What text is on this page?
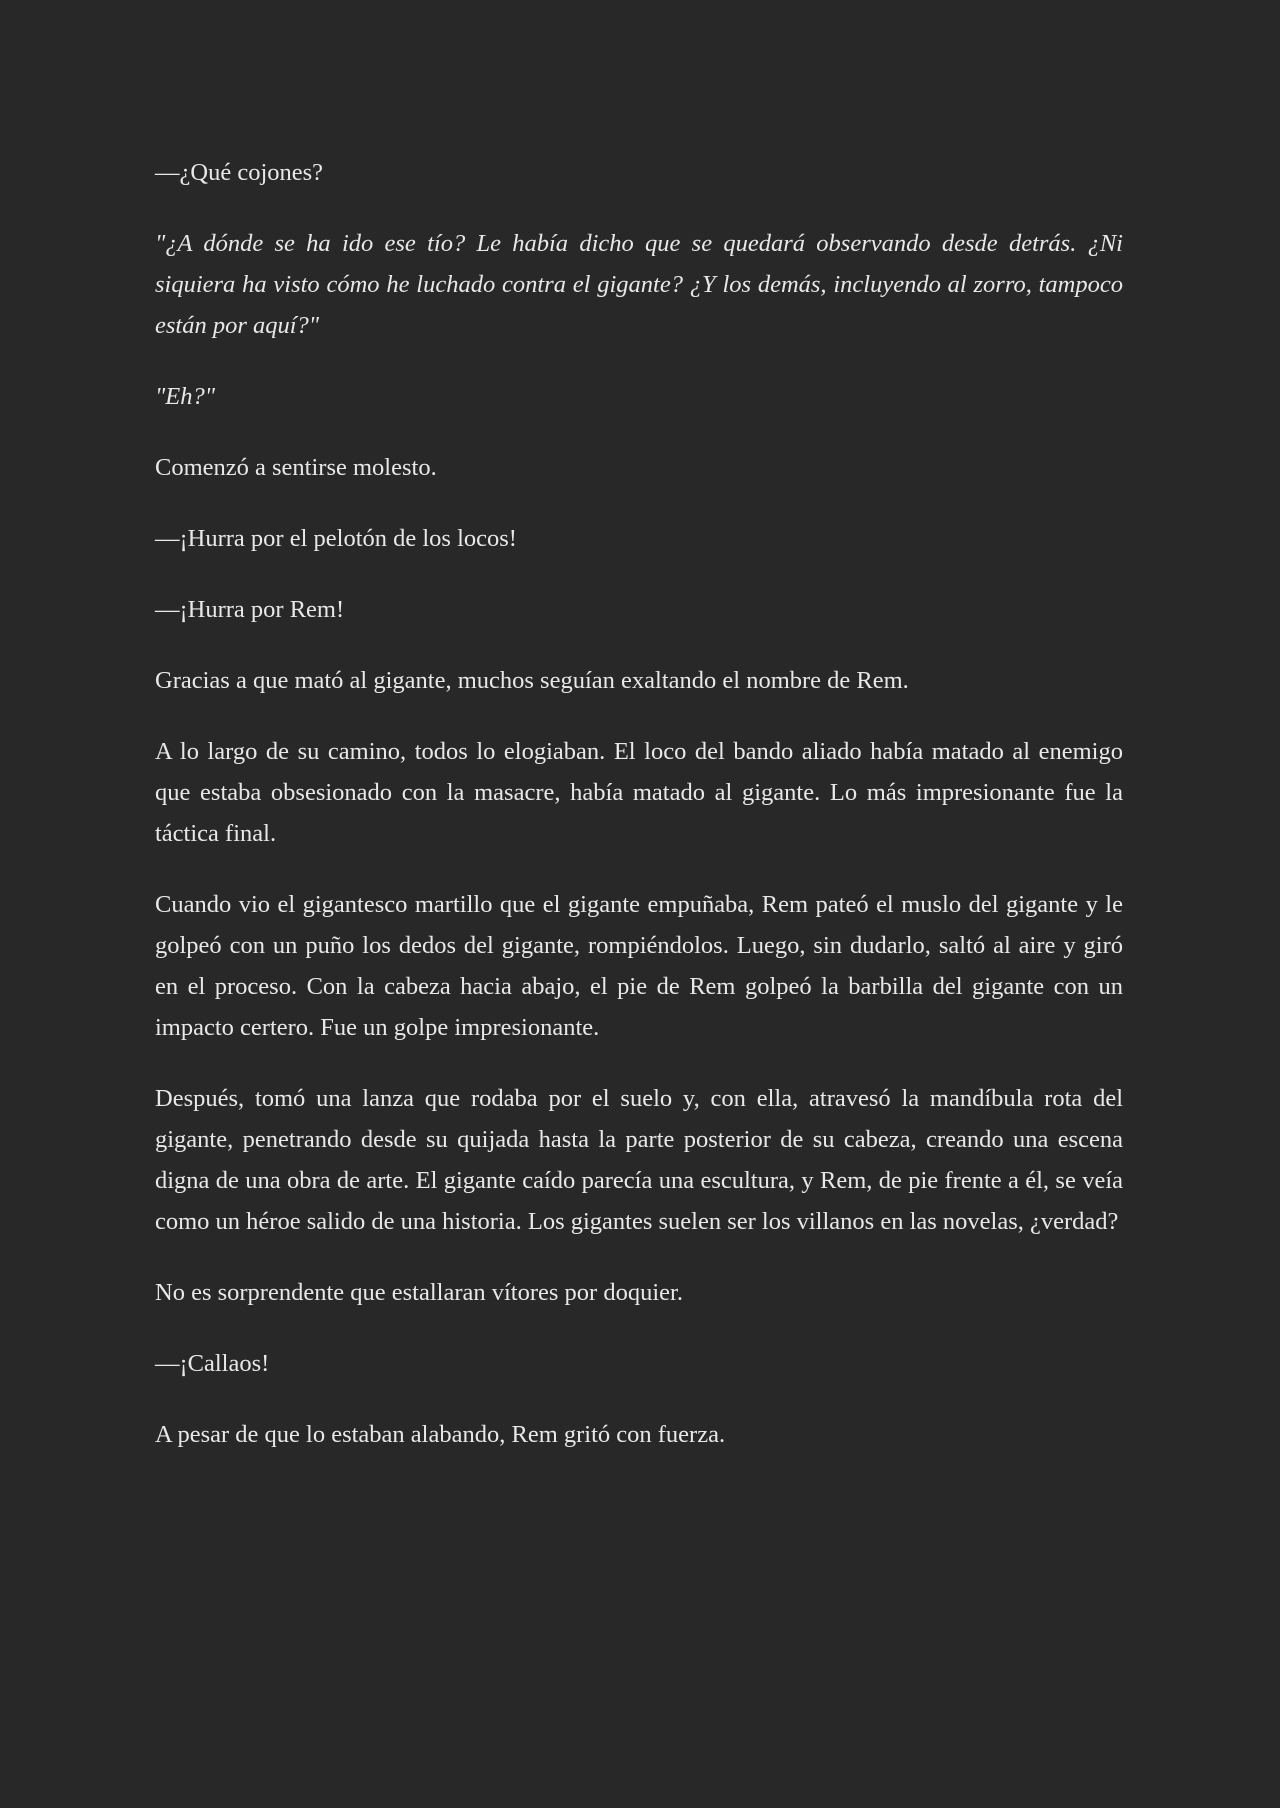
—¿Qué cojones?

"¿A dónde se ha ido ese tío? Le había dicho que se quedará observando desde detrás. ¿Ni siquiera ha visto cómo he luchado contra el gigante? ¿Y los demás, incluyendo al zorro, tampoco están por aquí?"

"Eh?"

Comenzó a sentirse molesto.

—¡Hurra por el pelotón de los locos!

—¡Hurra por Rem!

Gracias a que mató al gigante, muchos seguían exaltando el nombre de Rem.

A lo largo de su camino, todos lo elogiaban. El loco del bando aliado había matado al enemigo que estaba obsesionado con la masacre, había matado al gigante. Lo más impresionante fue la táctica final.

Cuando vio el gigantesco martillo que el gigante empuñaba, Rem pateó el muslo del gigante y le golpeó con un puño los dedos del gigante, rompiéndolos. Luego, sin dudarlo, saltó al aire y giró en el proceso. Con la cabeza hacia abajo, el pie de Rem golpeó la barbilla del gigante con un impacto certero. Fue un golpe impresionante.

Después, tomó una lanza que rodaba por el suelo y, con ella, atravesó la mandíbula rota del gigante, penetrando desde su quijada hasta la parte posterior de su cabeza, creando una escena digna de una obra de arte. El gigante caído parecía una escultura, y Rem, de pie frente a él, se veía como un héroe salido de una historia. Los gigantes suelen ser los villanos en las novelas, ¿verdad?

No es sorprendente que estallaran vítores por doquier.

—¡Callaos!

A pesar de que lo estaban alabando, Rem gritó con fuerza.
